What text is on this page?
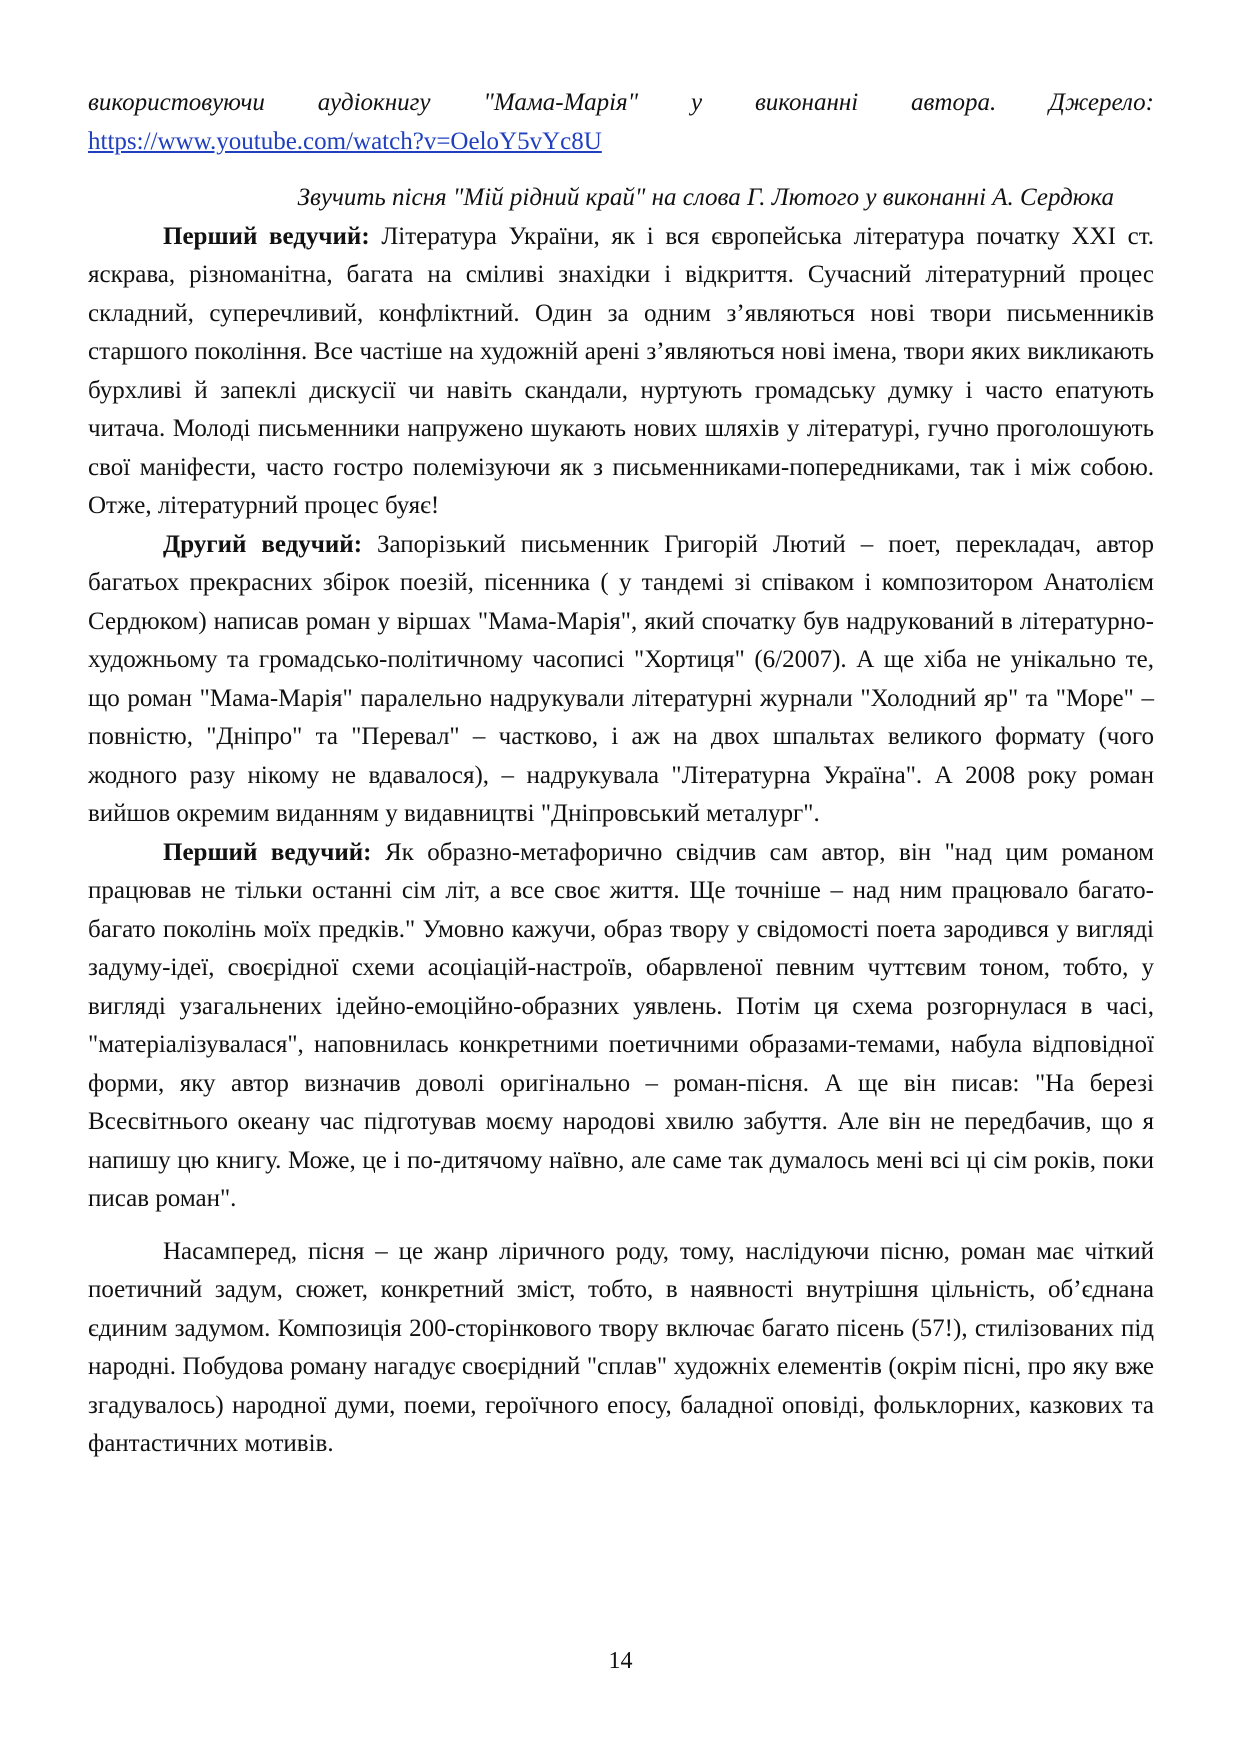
використовуючи аудіокнигу "Мама-Марія" у виконанні автора. Джерело:
https://www.youtube.com/watch?v=OeloY5vYc8U
Звучить пісня "Мій рідний край" на слова Г. Лютого у виконанні А. Сердюка

Перший ведучий: Література України, як і вся європейська література початку XXI ст. яскрава, різноманітна, багата на сміливі знахідки і відкриття. Сучасний літературний процес складний, суперечливий, конфліктний. Один за одним з’являються нові твори письменників старшого покоління. Все частіше на художній арені з’являються нові імена, твори яких викликають бурхливі й запеклі дискусії чи навіть скандали, нуртують громадську думку і часто епатують читача. Молоді письменники напружено шукають нових шляхів у літературі, гучно проголошують свої маніфести, часто гостро полемізуючи як з письменниками-попередниками, так і між собою. Отже, літературний процес буяє!

Другий ведучий: Запорізький письменник Григорій Лютий – поет, перекладач, автор багатьох прекрасних збірок поезій, пісенника ( у тандемі зі співаком і композитором Анатолієм Сердюком) написав роман у віршах "Мама-Марія", який спочатку був надрукований в літературно-художньому та громадсько-політичному часописі "Хортиця" (6/2007). А ще хіба не унікально те, що роман "Мама-Марія" паралельно надрукували літературні журнали "Холодний яр" та "Море" – повністю, "Дніпро" та "Перевал" – частково, і аж на двох шпальтах великого формату (чого жодного разу нікому не вдавалося), – надрукувала "Літературна Україна". А 2008 року роман вийшов окремим виданням у видавництві "Дніпровський металург".

Перший ведучий: Як образно-метафорично свідчив сам автор, він "над цим романом працював не тільки останні сім літ, а все своє життя. Ще точніше – над ним працювало багато-багато поколінь моїх предків." Умовно кажучи, образ твору у свідомості поета зародився у вигляді задуму-ідеї, своєрідної схеми асоціацій-настроїв, обарвленої певним чуттєвим тоном, тобто, у вигляді узагальнених ідейно-емоційно-образних уявлень. Потім ця схема розгорнулася в часі, "матеріалізувалася", наповнилась конкретними поетичними образами-темами, набула відповідної форми, яку автор визначив доволі оригінально – роман-пісня. А ще він писав: "На березі Всесвітнього океану час підготував моєму народові хвилю забуття. Але він не передбачив, що я напишу цю книгу. Може, це і по-дитячому наївно, але саме так думалось мені всі ці сім років, поки писав роман".

Насамперед, пісня – це жанр ліричного роду, тому, наслідуючи пісню, роман має чіткий поетичний задум, сюжет, конкретний зміст, тобто, в наявності внутрішня цільність, об’єднана єдиним задумом. Композиція 200-сторінкового твору включає багато пісень (57!), стилізованих під народні. Побудова роману нагадує своєрідний "сплав" художніх елементів (окрім пісні, про яку вже згадувалось) народної думи, поеми, героїчного епосу, баладної оповіді, фольклорних, казкових та фантастичних мотивів.

14
